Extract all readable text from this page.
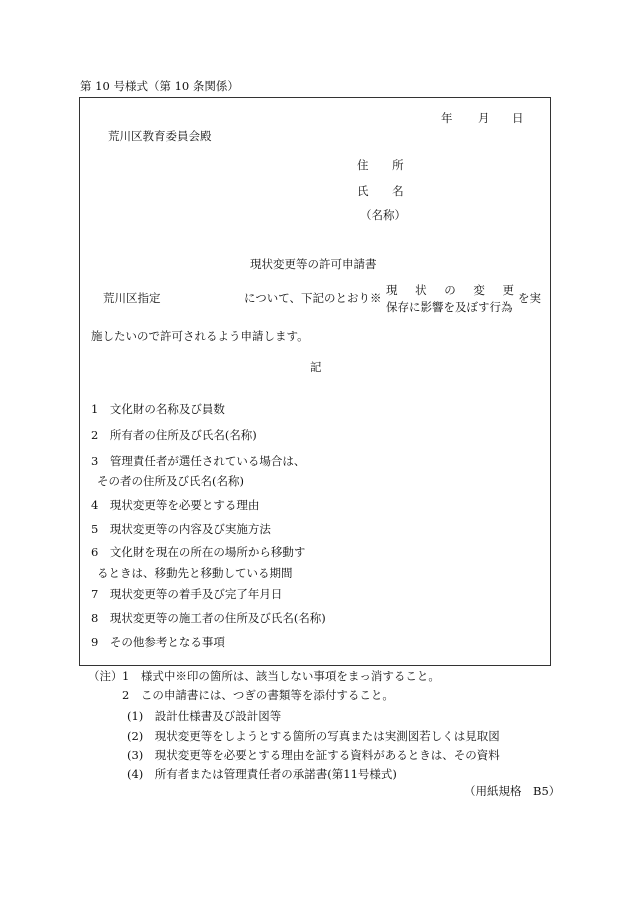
第 10 号様式（第 10 条関係）
年 月 日
荒川区教育委員会殿
住 所
氏 名
（名称）
現状変更等の許可申請書
荒川区指定	について、下記のとおり※
現 状 の 変 更
保存に影響を及ぼす行為
を実
施したいので許可されるよう申請します。
記
1　文化財の名称及び員数
2　所有者の住所及び氏名(名称)
3　管理責任者が選任されている場合は、
その者の住所及び氏名(名称)
4　現状変更等を必要とする理由
5　現状変更等の内容及び実施方法
6　文化財を現在の所在の場所から移動す
るときは、移動先と移動している期間
7　現状変更等の着手及び完了年月日
8　現状変更等の施工者の住所及び氏名(名称)
9　その他参考となる事項
（注） 1　様式中※印の箇所は、該当しない事項をまっ消すること。
2　この申請書には、つぎの書類等を添付すること。
(1)　設計仕様書及び設計図等
(2)　現状変更等をしようとする箇所の写真または実測図若しくは見取図
(3)　現状変更等を必要とする理由を証する資料があるときは、その資料
(4)　所有者または管理責任者の承諾書(第11号様式)
（用紙規格　B5）
